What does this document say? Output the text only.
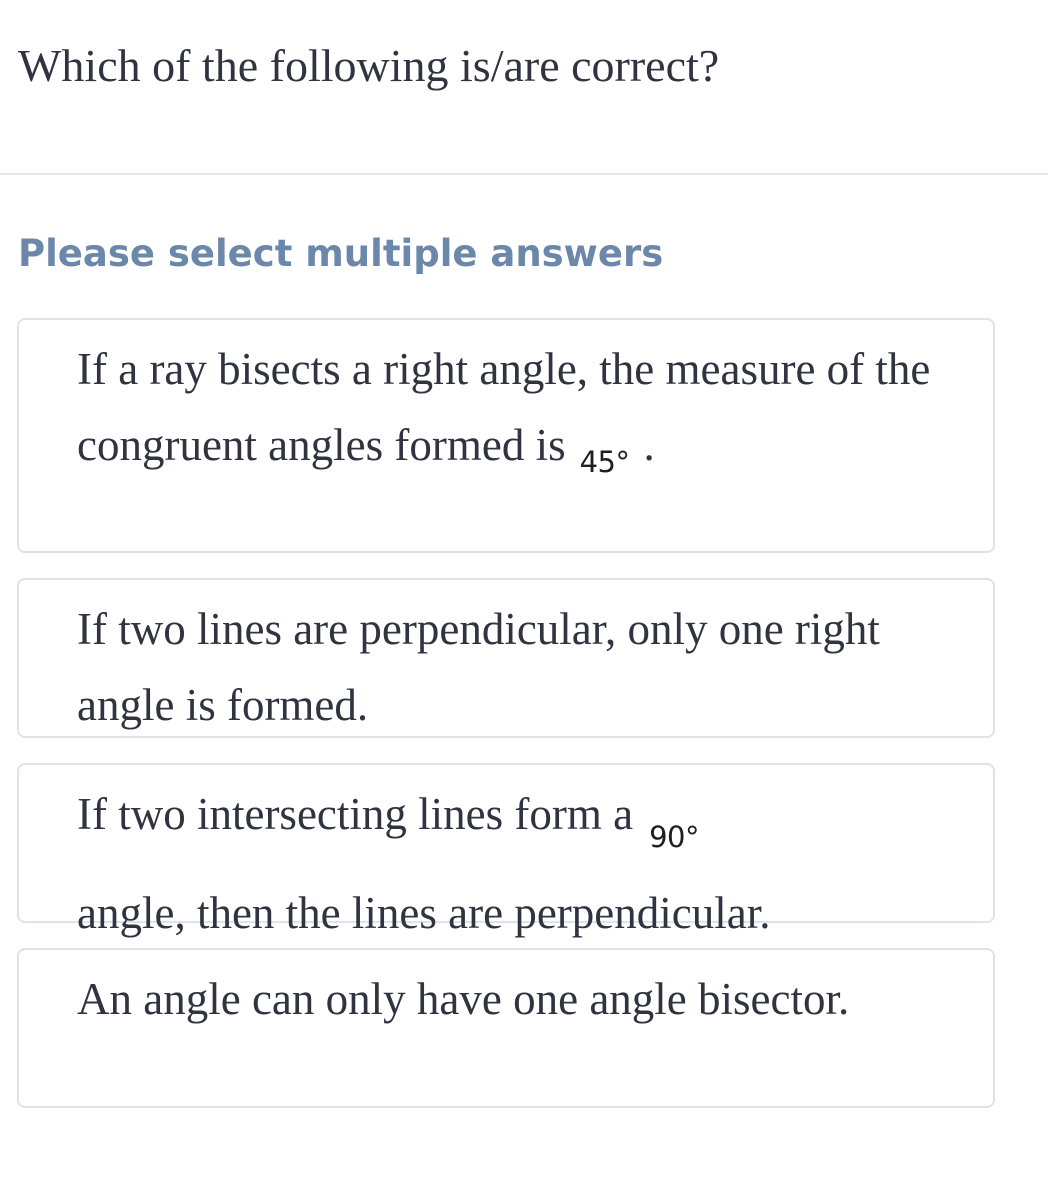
Which of the following is/are correct?
Please select multiple answers
If a ray bisects a right angle, the measure of the congruent angles formed is $_{45^\circ}$ .
If two lines are perpendicular, only one right angle is formed.
If two intersecting lines form a $_{90^\circ}$
angle, then the lines are perpendicular.
An angle can only have one angle bisector.
